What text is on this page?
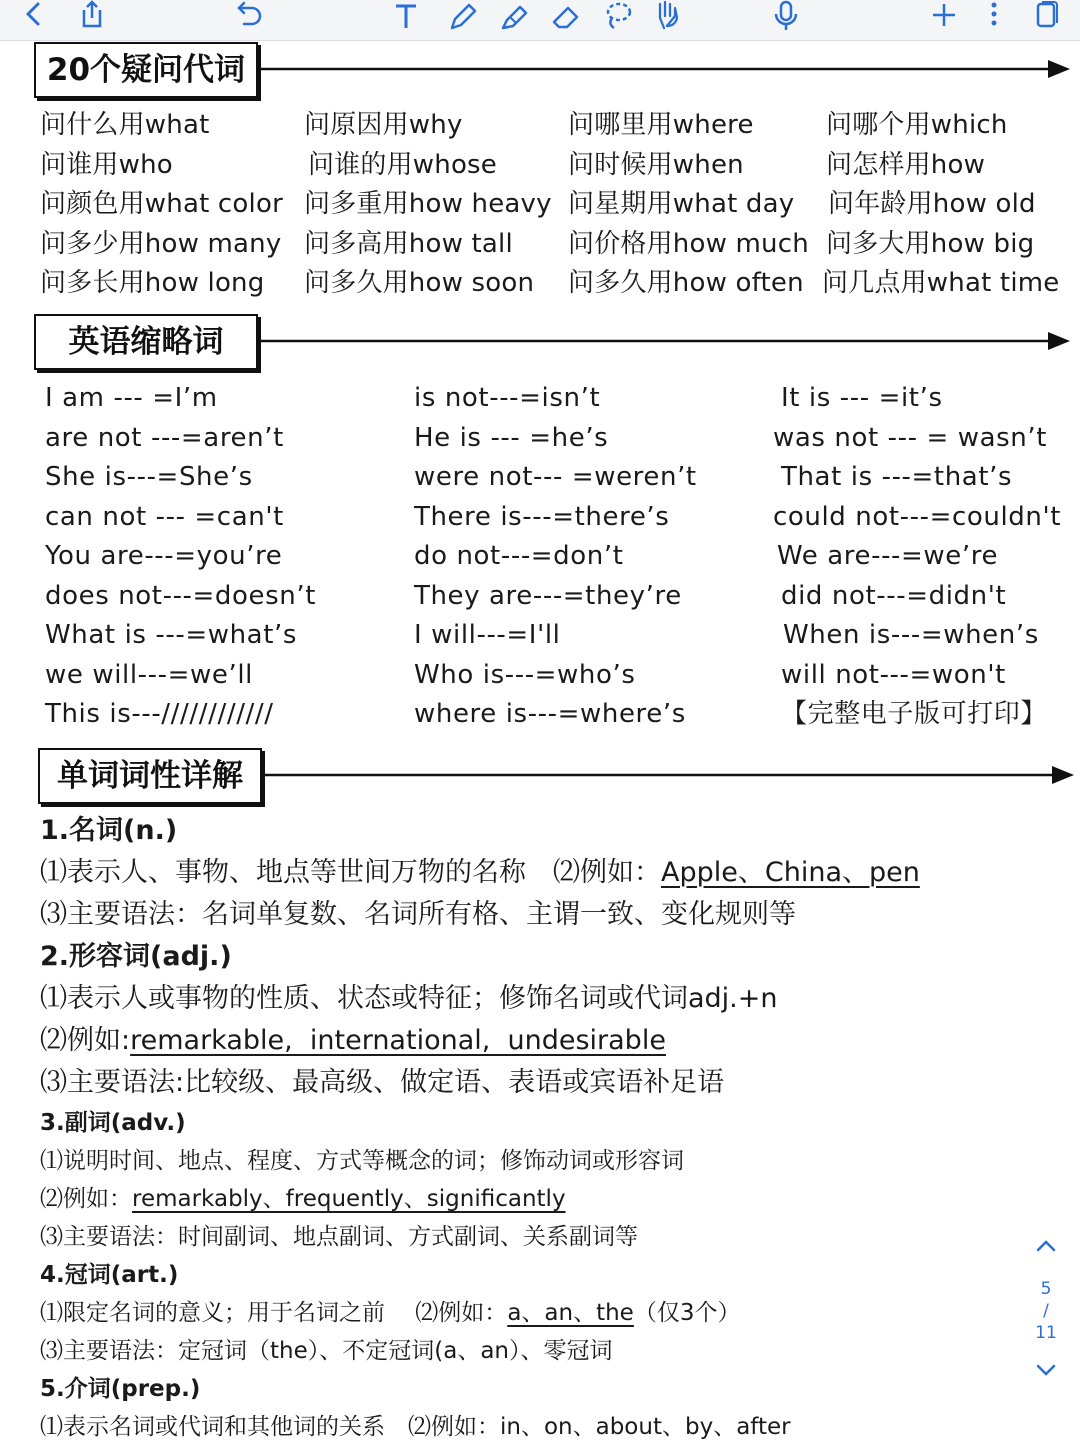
20个疑问代词
问什么用what	问原因用why	问哪里用where	问哪个用which
问谁用who	问谁的用whose	问时候用when	问怎样用how
问颜色用what color 问多重用how heavy 问星期用what day 问年龄用how old
问多少用how many 问多高用how tall 问价格用how much 问多大用how big
问多长用how long 问多久用how soon 问多久用how often 问几点用what time
英语缩略词
I am --- =I’m	is not---=isn’t	It is --- =it’s
are not ---=aren’t	He is --- =he’s	was not --- = wasn’t
She is---=She’s	were not--- =weren’t	That is ---=that’s
can not --- =can't	There is---=there’s	could not---=couldn't
You are---=you’re	do not---=don’t	We are---=we’re
does not---=doesn’t	They are---=they’re	did not---=didn't
What is ---=what’s	I will---=I'll	When is---=when’s
we will---=we’ll	Who is---=who’s	will not---=won't
This is---////////////	where is---=where’s	【完整电子版可打印】
单词词性详解
1.名词(n.)
⑴表示人、事物、地点等世间万物的名称　⑵例如：Apple、China、pen
⑶主要语法：名词单复数、名词所有格、主谓一致、变化规则等
2.形容词(adj.)
⑴表示人或事物的性质、状态或特征；修饰名词或代词adj.+n
⑵例如:remarkable,  international,  undesirable
⑶主要语法:比较级、最高级、做定语、表语或宾语补足语
3.副词(adv.)
⑴说明时间、地点、程度、方式等概念的词；修饰动词或形容词
⑵例如：remarkably、frequently、significantly
⑶主要语法：时间副词、地点副词、方式副词、关系副词等
4.冠词(art.)
⑴限定名词的意义；用于名词之前　 ⑵例如：a、an、the（仅3个）
⑶主要语法：定冠词（the）、不定冠词(a、an）、零冠词
5.介词(prep.)
⑴表示名词或代词和其他词的关系　⑵例如：in、on、about、by、after
5
/
11
